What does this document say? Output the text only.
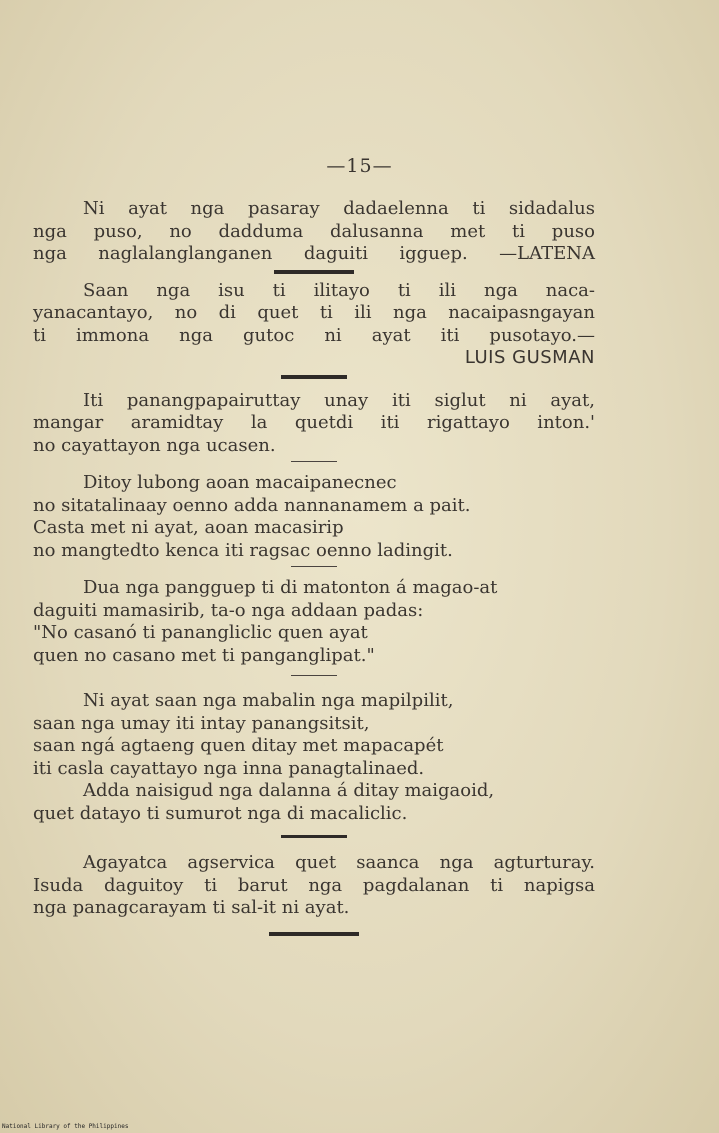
—15—
Ni ayat nga pasaray dadaelenna ti sidadalus
nga puso, no dadduma dalusanna met ti puso
nga naglalanglanganen daguiti igguep. —LATENA
Saan nga isu ti ilitayo ti ili nga naca-
yanacantayo, no di quet ti ili nga nacaipasngayan
ti immona nga gutoc ni ayat iti pusotayo.—
LUIS GUSMAN
Iti panangpapairuttay unay iti siglut ni ayat,
mangar aramidtay la quetdi iti rigattayo inton.'
no cayattayon nga ucasen.
Ditoy lubong aoan macaipanecnec
no sitatalinaay oenno adda nannanamem a pait.
Casta met ni ayat, aoan macasirip
no mangtedto kenca iti ragsac oenno ladingit.
Dua nga pangguep ti di matonton á magao-at
daguiti mamasirib, ta-o nga addaan padas:
"No casanó ti panangliclic quen ayat
quen no casano met ti panganglipat."
Ni ayat saan nga mabalin nga mapilpilit,
saan nga umay iti intay panangsitsit,
saan ngá agtaeng quen ditay met mapacapét
iti casla cayattayo nga inna panagtalinaed.
Adda naisigud nga dalanna á ditay maigaoid,
quet datayo ti sumurot nga di macaliclic.
Agayatca agservica quet saanca nga agturturay.
Isuda daguitoy ti barut nga pagdalanan ti napigsa
nga panagcarayam ti sal-it ni ayat.
National Library of the Philippines
